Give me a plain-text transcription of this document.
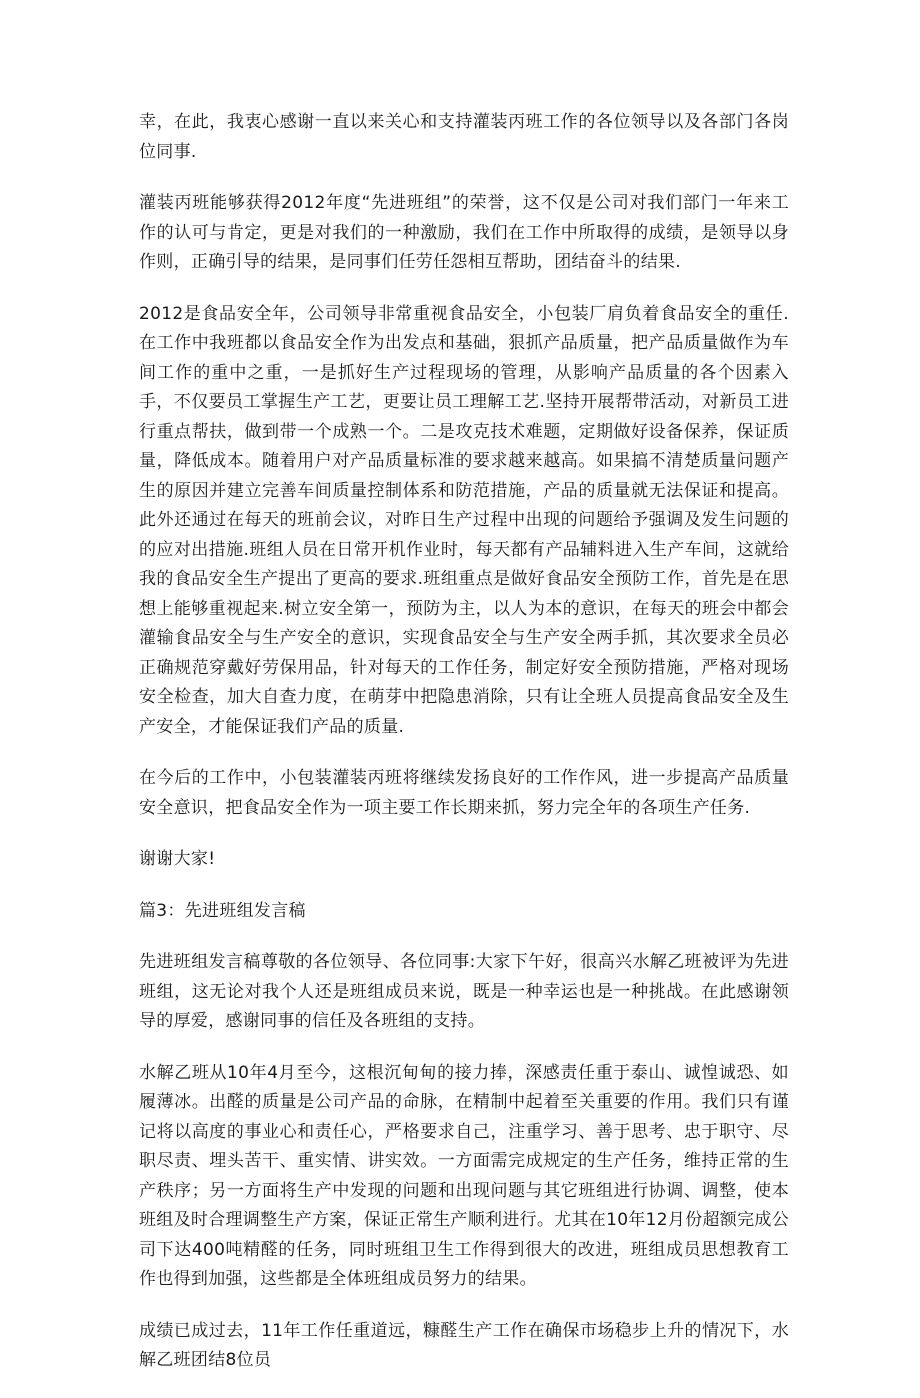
幸，在此，我衷心感谢一直以来关心和支持灌装丙班工作的各位领导以及各部门各岗位同事.

灌装丙班能够获得2012年度“先进班组”的荣誉，这不仅是公司对我们部门一年来工作的认可与肯定，更是对我们的一种激励，我们在工作中所取得的成绩，是领导以身作则，正确引导的结果，是同事们任劳任怨相互帮助，团结奋斗的结果.

2012是食品安全年，公司领导非常重视食品安全，小包装厂肩负着食品安全的重任.在工作中我班都以食品安全作为出发点和基础，狠抓产品质量，把产品质量做作为车间工作的重中之重，一是抓好生产过程现场的管理，从影响产品质量的各个因素入手，不仅要员工掌握生产工艺，更要让员工理解工艺.坚持开展帮带活动，对新员工进行重点帮扶，做到带一个成熟一个。二是攻克技术难题，定期做好设备保养，保证质量，降低成本。随着用户对产品质量标准的要求越来越高。如果搞不清楚质量问题产生的原因并建立完善车间质量控制体系和防范措施，产品的质量就无法保证和提高。此外还通过在每天的班前会议，对昨日生产过程中出现的问题给予强调及发生问题的的应对出措施.班组人员在日常开机作业时，每天都有产品辅料进入生产车间，这就给我的食品安全生产提出了更高的要求.班组重点是做好食品安全预防工作，首先是在思想上能够重视起来.树立安全第一，预防为主，以人为本的意识，在每天的班会中都会灌输食品安全与生产安全的意识，实现食品安全与生产安全两手抓，其次要求全员必正确规范穿戴好劳保用品，针对每天的工作任务，制定好安全预防措施，严格对现场安全检查，加大自查力度，在萌芽中把隐患消除，只有让全班人员提高食品安全及生产安全，才能保证我们产品的质量.

在今后的工作中，小包装灌装丙班将继续发扬良好的工作作风，进一步提高产品质量安全意识，把食品安全作为一项主要工作长期来抓，努力完全年的各项生产任务.

谢谢大家!

篇3：先进班组发言稿

先进班组发言稿尊敬的各位领导、各位同事:大家下午好，很高兴水解乙班被评为先进班组，这无论对我个人还是班组成员来说，既是一种幸运也是一种挑战。在此感谢领导的厚爱，感谢同事的信任及各班组的支持。

水解乙班从10年4月至今，这根沉甸甸的接力捧，深感责任重于泰山、诚惶诚恐、如履薄冰。出醛的质量是公司产品的命脉，在精制中起着至关重要的作用。我们只有谨记将以高度的事业心和责任心，严格要求自己，注重学习、善于思考、忠于职守、尽职尽责、埋头苦干、重实情、讲实效。一方面需完成规定的生产任务，维持正常的生产秩序；另一方面将生产中发现的问题和出现问题与其它班组进行协调、调整，使本班组及时合理调整生产方案，保证正常生产顺利进行。尤其在10年12月份超额完成公司下达400吨精醛的任务，同时班组卫生工作得到很大的改进，班组成员思想教育工作也得到加强，这些都是全体班组成员努力的结果。

成绩已成过去，11年工作任重道远，糠醛生产工作在确保市场稳步上升的情况下，水解乙班团结8位员
